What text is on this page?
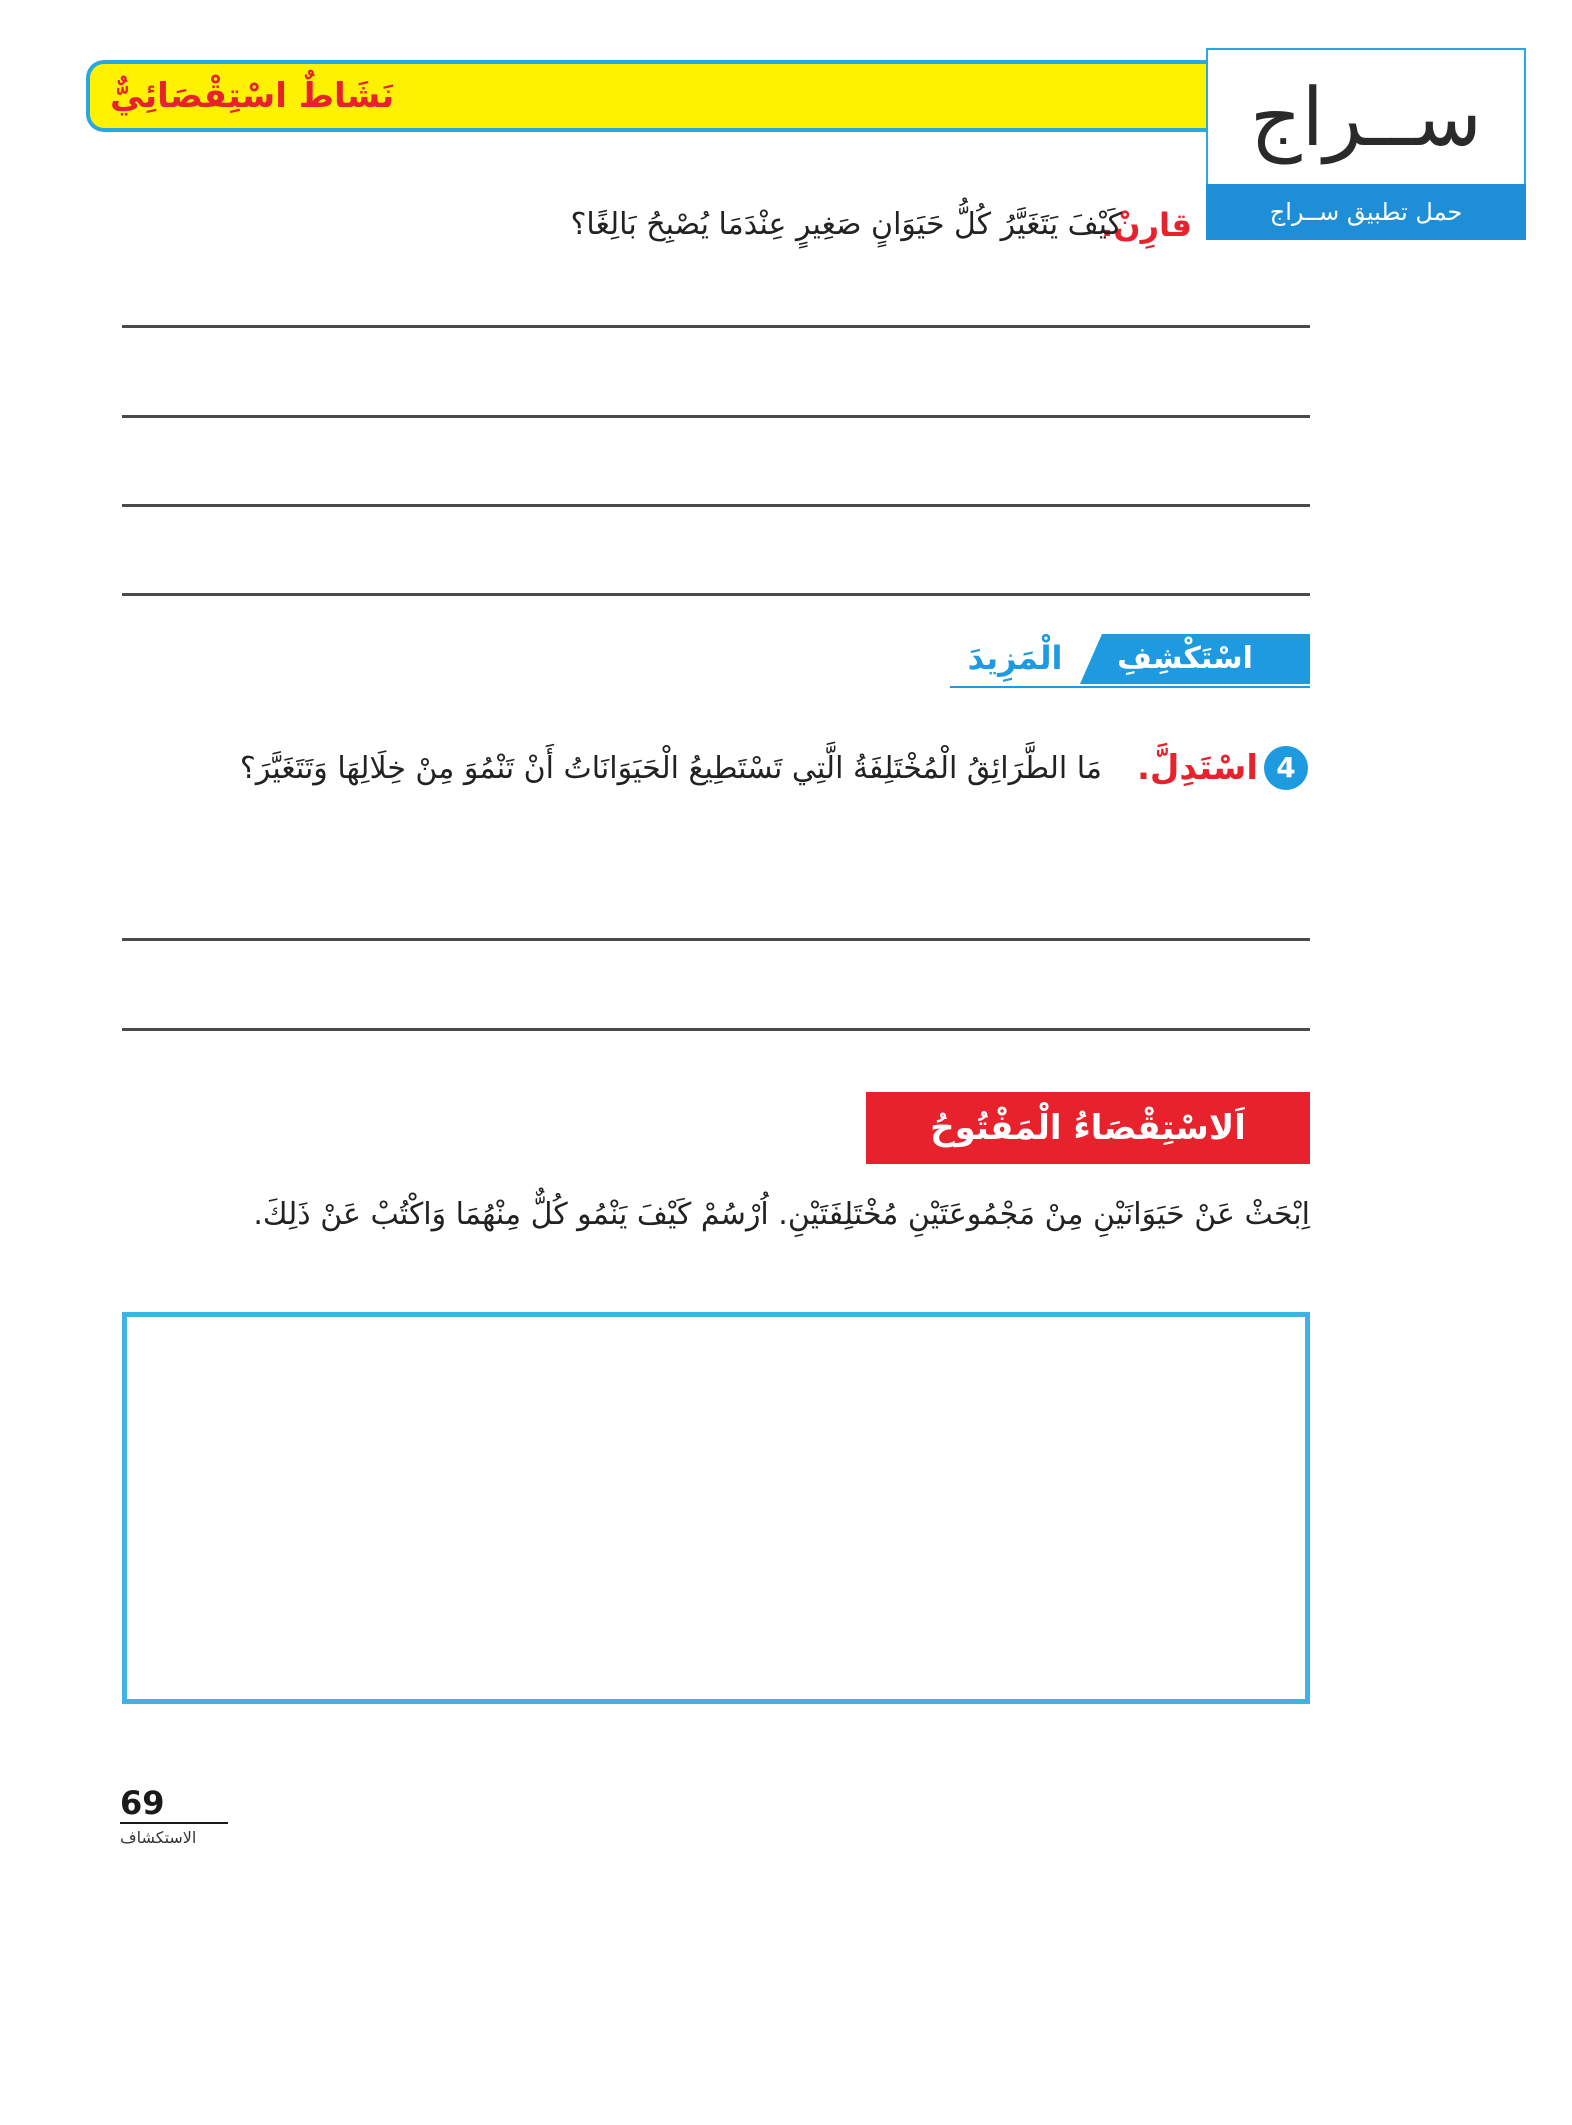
نَشَاطٌ اسْتِقْصَائِيٌّ	ســراج
حمل تطبيق ســراج
قارِنْ.
كَيْفَ يَتَغَيَّرُ كُلُّ حَيَوَانٍ صَغِيرٍ عِنْدَمَا يُصْبِحُ بَالِغًا؟
اسْتَكْشِفِ
الْمَزِيدَ
4
اسْتَدِلَّ.
مَا الطَّرَائِقُ الْمُخْتَلِفَةُ الَّتِي تَسْتَطِيعُ الْحَيَوَانَاتُ أَنْ تَنْمُوَ مِنْ خِلَالِهَا وَتَتَغَيَّرَ؟
اَلاسْتِقْصَاءُ الْمَفْتُوحُ
اِبْحَثْ عَنْ حَيَوَانَيْنِ مِنْ مَجْمُوعَتَيْنِ مُخْتَلِفَتَيْنِ. اُرْسُمْ كَيْفَ يَنْمُو كُلٌّ مِنْهُمَا وَاكْتُبْ عَنْ ذَلِكَ.
69
الاستكشاف
